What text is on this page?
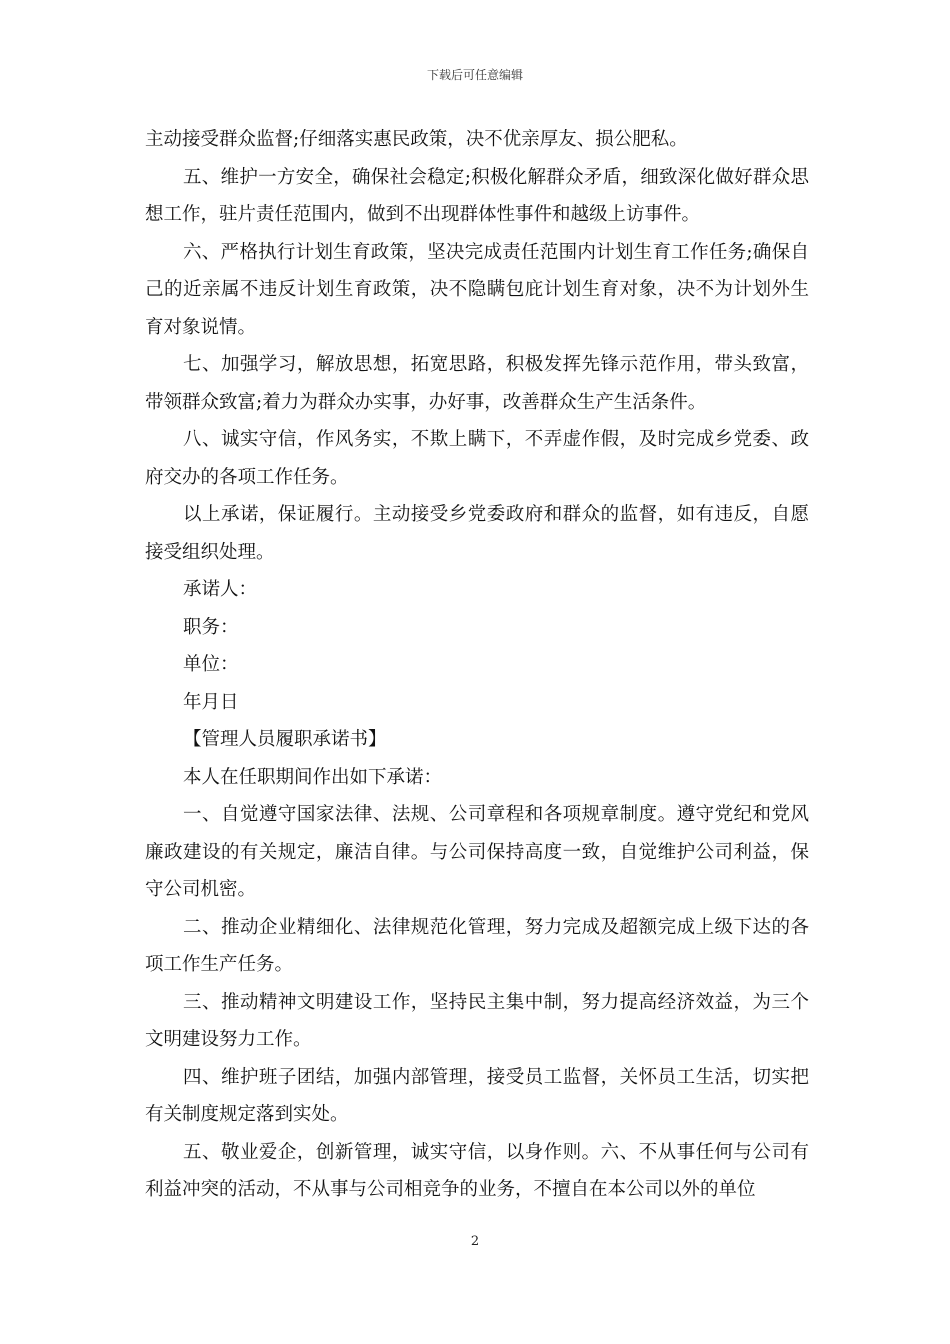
下载后可任意编辑

主动接受群众监督;仔细落实惠民政策，决不优亲厚友、损公肥私。

五、维护一方安全，确保社会稳定;积极化解群众矛盾，细致深化做好群众思想工作，驻片责任范围内，做到不出现群体性事件和越级上访事件。

六、严格执行计划生育政策，坚决完成责任范围内计划生育工作任务;确保自己的近亲属不违反计划生育政策，决不隐瞒包庇计划生育对象，决不为计划外生育对象说情。

七、加强学习，解放思想，拓宽思路，积极发挥先锋示范作用，带头致富，带领群众致富;着力为群众办实事，办好事，改善群众生产生活条件。

八、诚实守信，作风务实，不欺上瞒下，不弄虚作假，及时完成乡党委、政府交办的各项工作任务。

以上承诺，保证履行。主动接受乡党委政府和群众的监督，如有违反，自愿接受组织处理。

承诺人：

职务：

单位：

年月日

【管理人员履职承诺书】

本人在任职期间作出如下承诺：

一、自觉遵守国家法律、法规、公司章程和各项规章制度。遵守党纪和党风廉政建设的有关规定，廉洁自律。与公司保持高度一致，自觉维护公司利益，保守公司机密。

二、推动企业精细化、法律规范化管理，努力完成及超额完成上级下达的各项工作生产任务。

三、推动精神文明建设工作，坚持民主集中制，努力提高经济效益，为三个文明建设努力工作。

四、维护班子团结，加强内部管理，接受员工监督，关怀员工生活，切实把有关制度规定落到实处。

五、敬业爱企，创新管理，诚实守信，以身作则。六、不从事任何与公司有利益冲突的活动，不从事与公司相竞争的业务，不擅自在本公司以外的单位

2
